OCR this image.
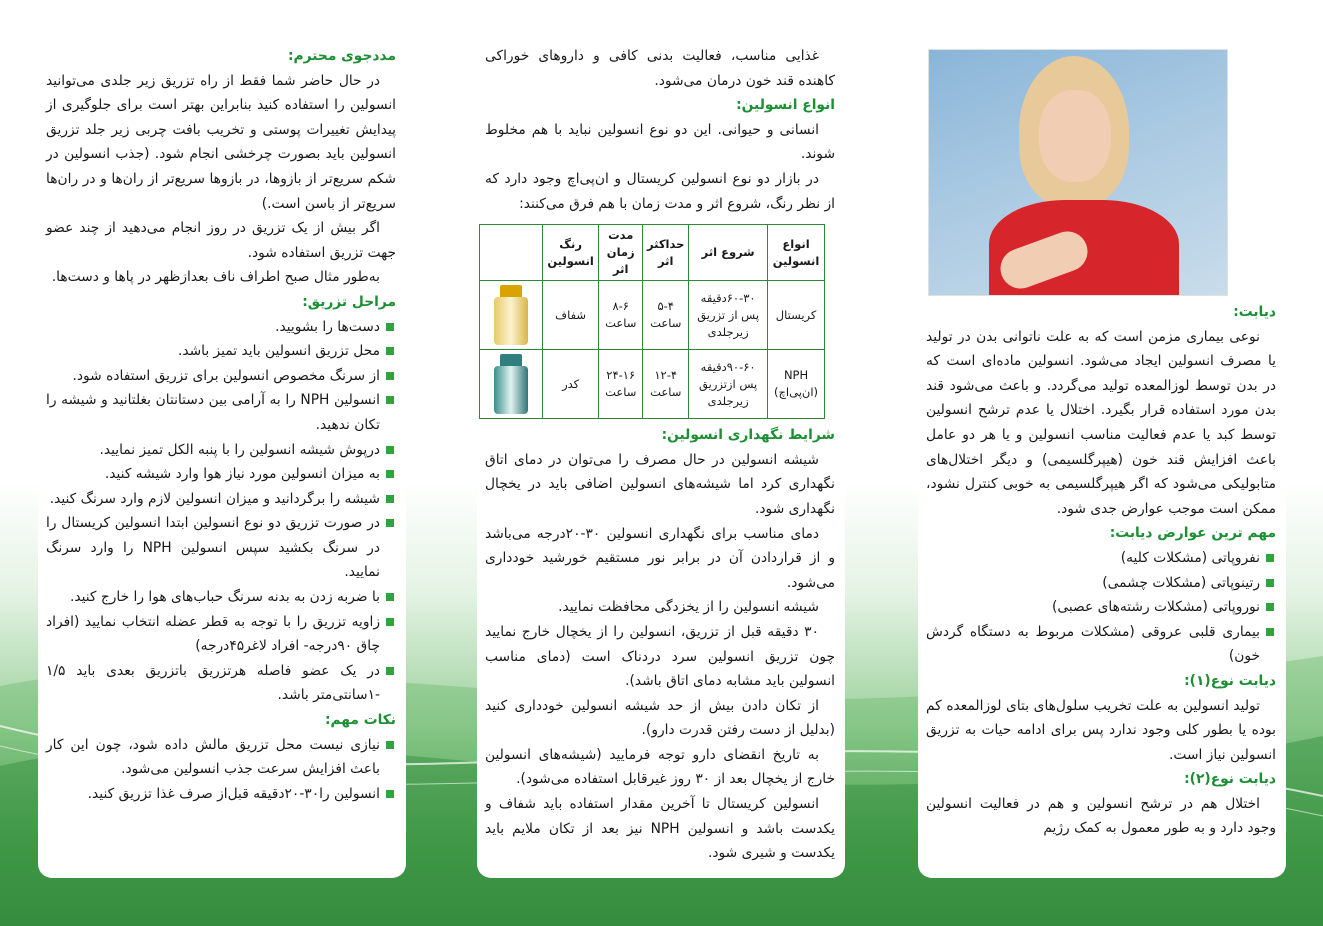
مددجوی محترم:

در حال حاضر شما فقط از راه تزریق زیر جلدی می‌توانید انسولین را استفاده کنید بنابراین بهتر است برای جلوگیری از پیدایش تغییرات پوستی و تخریب بافت چربی زیر جلد تزریق انسولین باید بصورت چرخشی انجام شود. (جذب انسولین در شکم سریع‌تر از بازوها، در بازوها سریع‌تر از ران‌ها و در ران‌ها سریع‌تر از باسن است.)

اگر بیش از یک تزریق در روز انجام می‌دهید از چند عضو جهت تزریق استفاده شود.

به‌طور مثال صبح اطراف ناف بعدازظهر در پاها و دست‌ها.

مراحل تزریق:
دست‌ها را بشویید.
محل تزریق انسولین باید تمیز باشد.
از سرنگ مخصوص انسولین برای تزریق استفاده شود.
انسولین NPH را به آرامی بین دستانتان بغلتانید و شیشه را تکان ندهید.
درپوش شیشه انسولین را با پنبه الکل تمیز نمایید.
به میزان انسولین مورد نیاز هوا وارد شیشه کنید.
شیشه را برگردانید و میزان انسولین لازم وارد سرنگ کنید.
در صورت تزریق دو نوع انسولین ابتدا انسولین کریستال را در سرنگ بکشید سپس انسولین NPH را وارد سرنگ نمایید.
با ضربه زدن به بدنه سرنگ حباب‌های هوا را خارج کنید.
زاویه تزریق را با توجه به قطر عضله انتخاب نمایید (افراد چاق ۹۰درجه- افراد لاغر۴۵درجه)
در یک عضو فاصله هرتزریق باتزریق بعدی باید ۱/۵ -۱سانتی‌متر باشد.
نکات مهم:
نیازی نیست محل تزریق مالش داده شود، چون این کار باعث افزایش سرعت جذب انسولین می‌شود.
انسولین را۳۰-۲۰دقیقه قبل‌از صرف غذا تزریق کنید.

غذایی مناسب، فعالیت بدنی کافی و داروهای خوراکی کاهنده قند خون درمان می‌شود.

انواع انسولین:

انسانی و حیوانی. این دو نوع انسولین نباید با هم مخلوط شوند.

در بازار دو نوع انسولین کریستال و ان‌پی‌اچ وجود دارد که از نظر رنگ، شروع اثر و مدت زمان با هم فرق می‌کنند:

انواع انسولین	شروع اثر	حداکثر اثر	مدت زمان اثر	رنگ انسولین	
کریستال	۶۰-۳۰دقیقه پس از تزریق زیرجلدی	۵-۴ ساعت	۸-۶ ساعت	شفاف	

NPH (ان‌پی‌اچ)	۹۰-۶۰دقیقه پس ازتزریق زیرجلدی	۱۲-۴ ساعت	۲۴-۱۶ ساعت	کدر	
شرایط نگهداری انسولین:

شیشه انسولین در حال مصرف را می‌توان در دمای اتاق نگهداری کرد اما شیشه‌های انسولین اضافی باید در یخچال نگهداری شود.

دمای مناسب برای نگهداری انسولین ۳۰-۲۰درجه می‌باشد و از قراردادن آن در برابر نور مستقیم خورشید خودداری می‌شود.

شیشه انسولین را از یخزدگی محافظت نمایید.

۳۰ دقیقه قبل از تزریق، انسولین را از یخچال خارج نمایید چون تزریق انسولین سرد دردناک است (دمای مناسب انسولین باید مشابه دمای اتاق باشد).

از تکان دادن بیش از حد شیشه انسولین خودداری کنید (بدلیل از دست رفتن قدرت دارو).

به تاریخ انقضای دارو توجه فرمایید (شیشه‌های انسولین خارج از یخچال بعد از ۳۰ روز غیرقابل استفاده می‌شود).

انسولین کریستال تا آخرین مقدار استفاده باید شفاف و یکدست باشد و انسولین NPH نیز بعد از تکان ملایم باید یکدست و شیری شود.

دیابت:

نوعی بیماری مزمن است که به علت ناتوانی بدن در تولید یا مصرف انسولین ایجاد می‌شود. انسولین ماده‌ای است که در بدن توسط لوزالمعده تولید می‌گردد. و باعث می‌شود قند بدن مورد استفاده قرار بگیرد. اختلال یا عدم ترشح انسولین توسط کبد یا عدم فعالیت مناسب انسولین و یا هر دو عامل باعث افزایش قند خون (هیپرگلسیمی) و دیگر اختلال‌های متابولیکی می‌شود که اگر هیپرگلسیمی به خوبی کنترل نشود، ممکن است موجب عوارض جدی شود.

مهم ترین عوارض دیابت:
نفروپاتی (مشکلات کلیه)
رتینوپاتی (مشکلات چشمی)
نوروپاتی (مشکلات رشته‌های عصبی)
بیماری قلبی عروقی (مشکلات مربوط به دستگاه گردش خون)
دیابت نوع(۱):

تولید انسولین به علت تخریب سلول‌های بتای لوزالمعده کم بوده یا بطور کلی وجود ندارد پس برای ادامه حیات به تزریق انسولین نیاز است.

دیابت نوع(۲):

اختلال هم در ترشح انسولین و هم در فعالیت انسولین وجود دارد و به طور معمول به کمک رژیم
